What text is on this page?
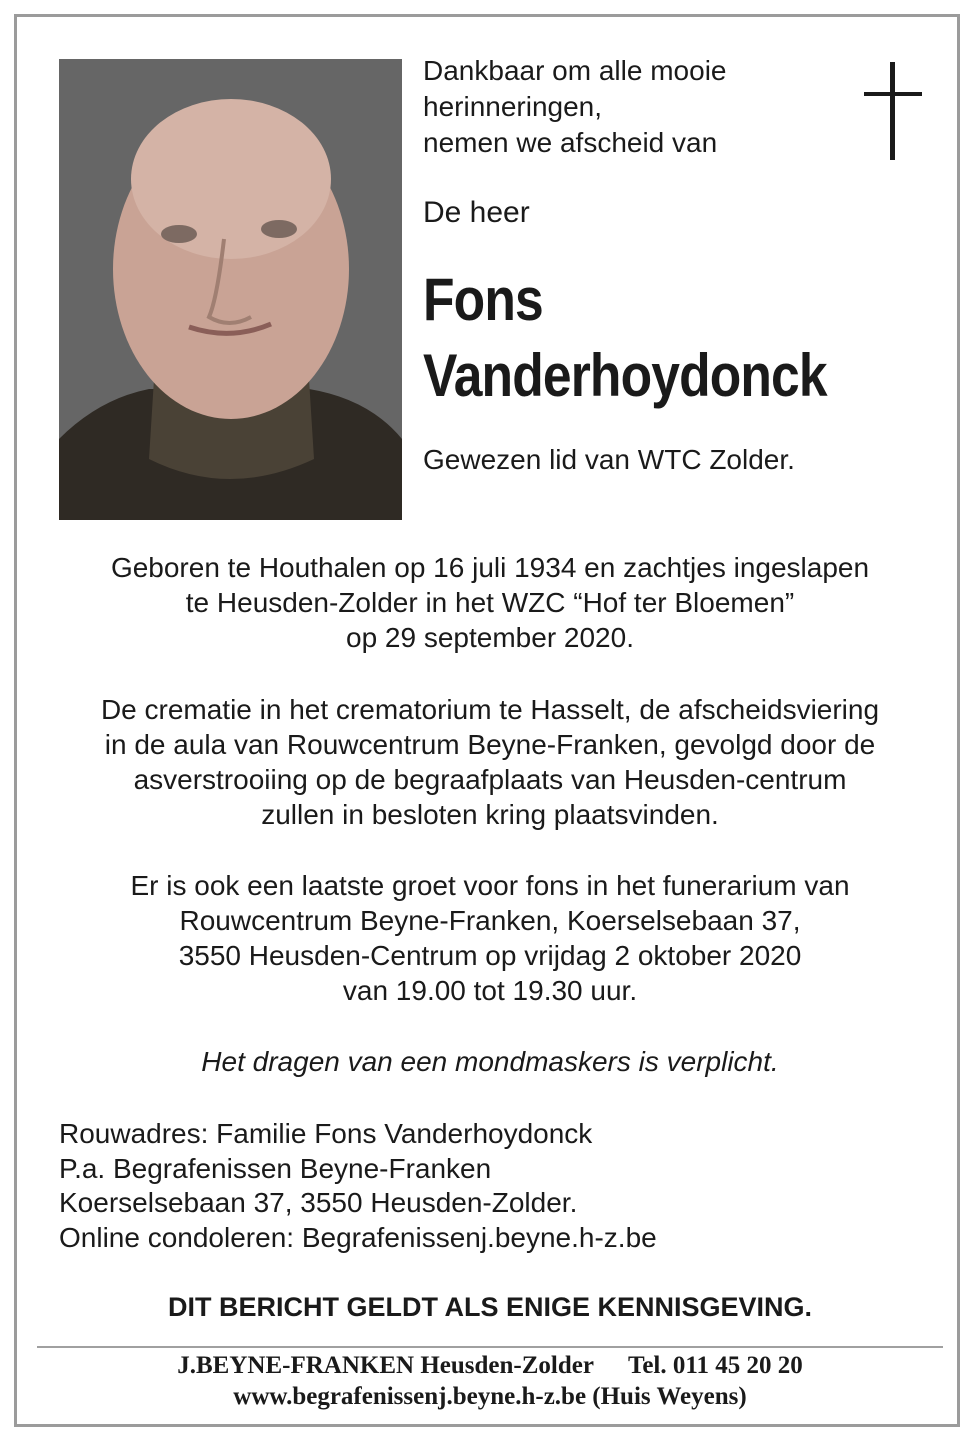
Dankbaar om alle mooie
herinneringen,
nemen we afscheid van
De heer
Fons
Vanderhoydonck
Gewezen lid van WTC Zolder.
Geboren te Houthalen op 16 juli 1934 en zachtjes ingeslapen
te Heusden-Zolder in het WZC “Hof ter Bloemen”
op 29 september 2020.
De crematie in het crematorium te Hasselt, de afscheidsviering
in de aula van Rouwcentrum Beyne-Franken, gevolgd door de
asverstrooiing op de begraafplaats van Heusden-centrum
zullen in besloten kring plaatsvinden.
Er is ook een laatste groet voor fons in het funerarium van
Rouwcentrum Beyne-Franken, Koerselsebaan 37,
3550 Heusden-Centrum op vrijdag 2 oktober 2020
van 19.00 tot 19.30 uur.
Het dragen van een mondmaskers is verplicht.
Rouwadres: Familie Fons Vanderhoydonck
P.a. Begrafenissen Beyne-Franken
Koerselsebaan 37, 3550 Heusden-Zolder.
Online condoleren: Begrafenissenj.beyne.h-z.be
DIT BERICHT GELDT ALS ENIGE KENNISGEVING.
J.BEYNE-FRANKEN Heusden-Zolder Tel. 011 45 20 20
www.begrafenissenj.beyne.h-z.be (Huis Weyens)
